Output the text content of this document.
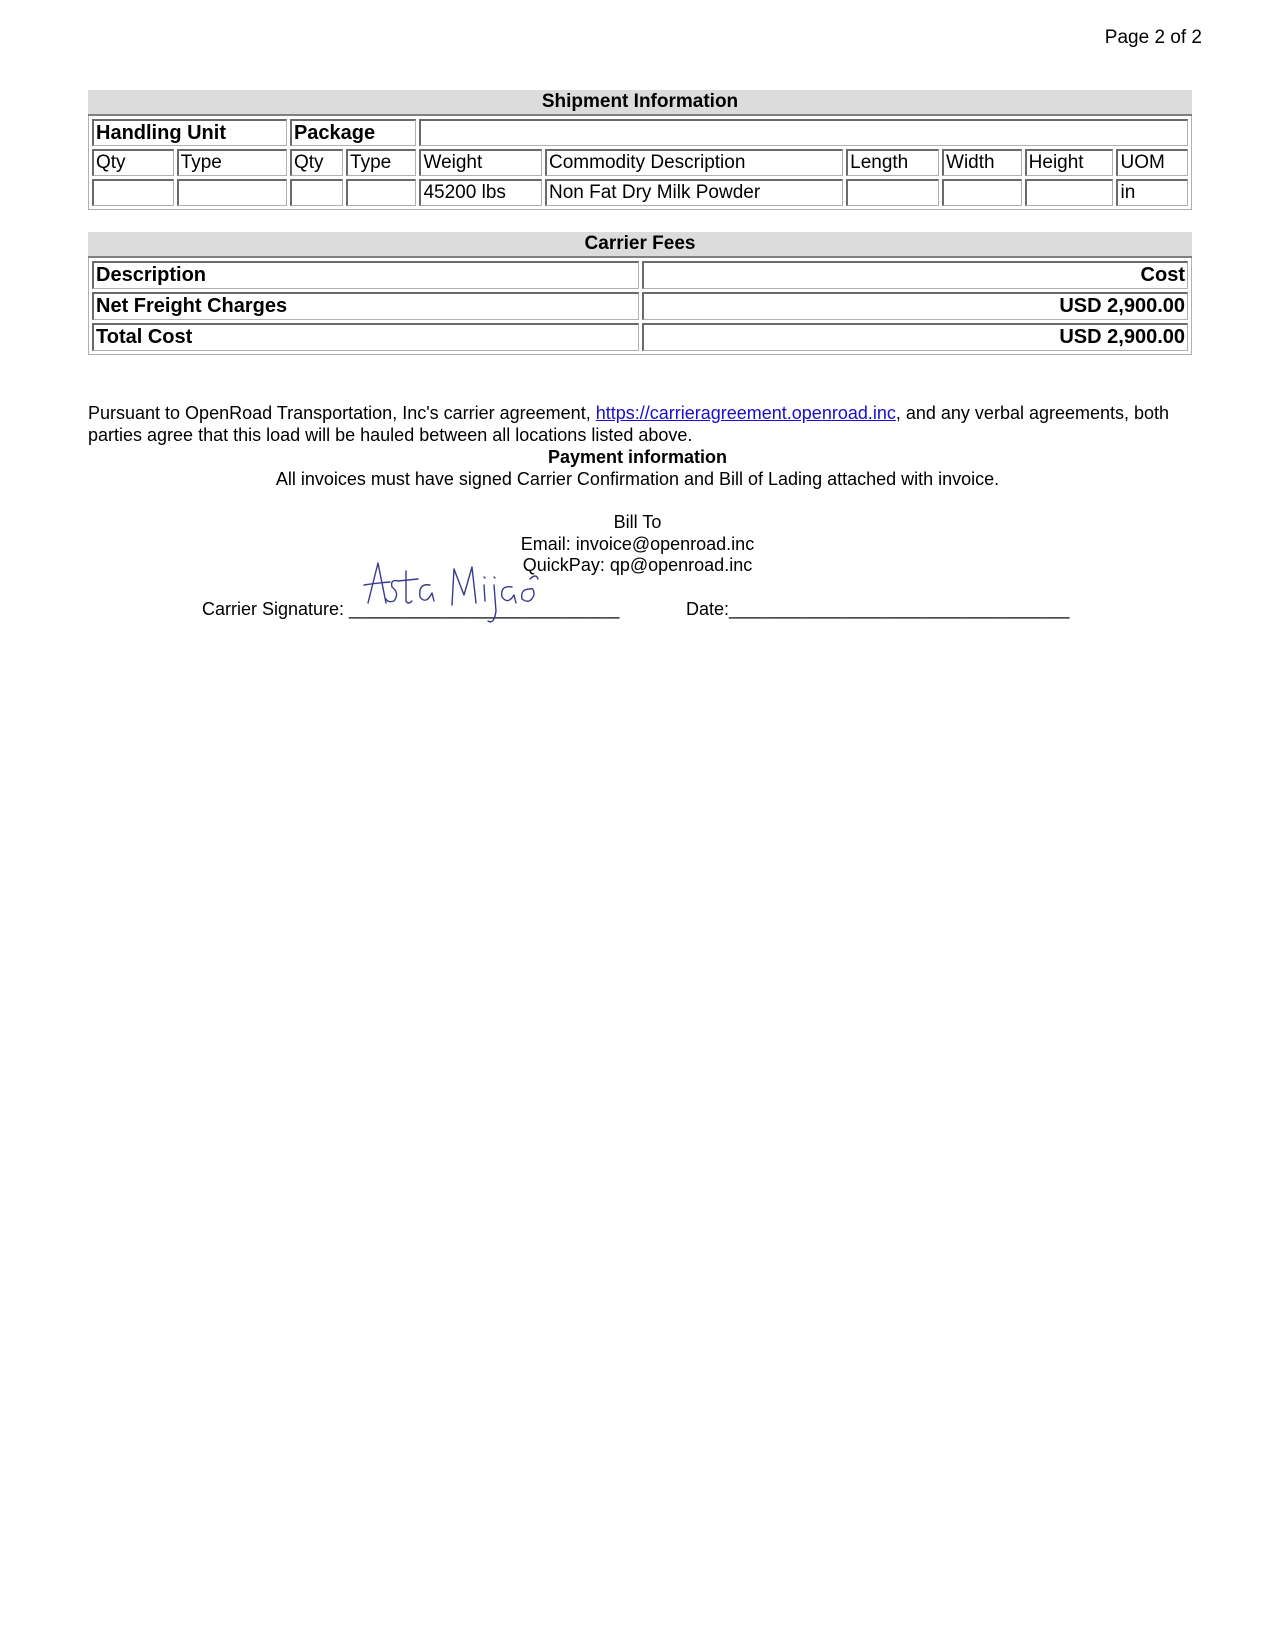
Page 2 of 2
Shipment Information
Handling Unit		Package							
Qty	Type	Qty	Type	Weight	Commodity Description	Length	Width	Height	UOM
				45200 lbs	Non Fat Dry Milk Powder				in
Carrier Fees
Description	Cost
Net Freight Charges	USD 2,900.00
Total Cost	USD 2,900.00
Pursuant to OpenRoad Transportation, Inc's carrier agreement, https://carrieragreement.openroad.inc, and any verbal agreements, both parties agree that this load will be hauled between all locations listed above.
Payment information
All invoices must have signed Carrier Confirmation and Bill of Lading attached with invoice.
Bill To
Email: invoice@openroad.inc
QuickPay: qp@openroad.inc
Carrier Signature: ___________________________	Date:__________________________________
